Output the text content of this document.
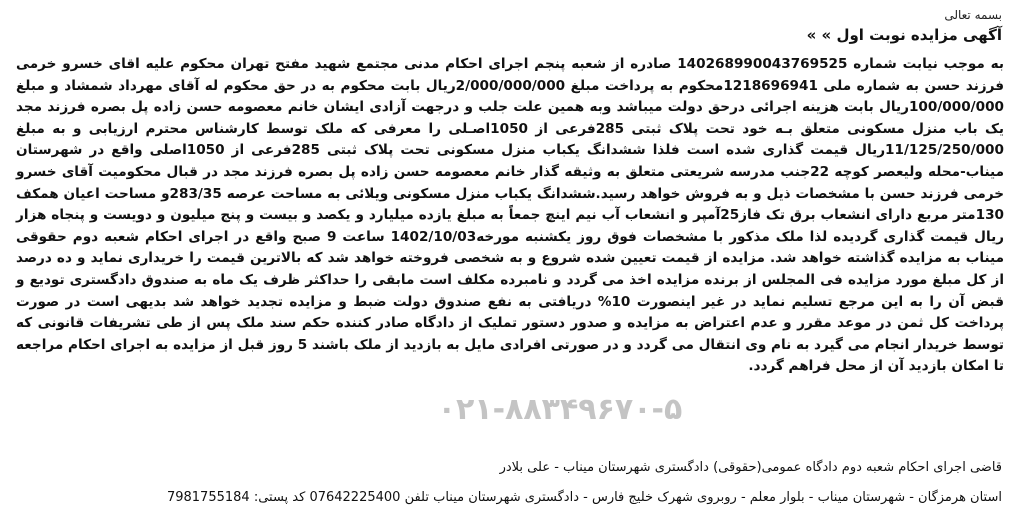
بسمه تعالی
آگهی مزایده نوبت اول » »
به موجب نیابت شماره 140268990043769525 صادره از شعبه پنجم اجرای احکام مدنی مجتمع شهید مفتح تهران محکوم علیه اقای خسرو خرمی فرزند حسن به شماره ملی 1218696941محکوم به پرداخت مبلغ 2/000/000/000ریال بابت محکوم به در حق محکوم له آقای مهرداد شمشاد و مبلغ 100/000/000ریال بابت هزینه اجرائی درحق دولت میباشد وبه همین علت جلب و درجهت آزادی ایشان خانم معصومه حسن زاده پل بصره فرزند مجد یک باب منزل مسکونی متعلق بـه خود تحت پلاک ثبتی 285فرعی از 1050اصـلی را معرفی که ملک توسط کارشناس محترم ارزیابی و به مبلغ 11/125/250/000ریال قیمت گذاری شده است فلذا ششدانگ یکباب منزل مسکونی تحت پلاک ثبتی 285فرعی از 1050اصلی واقع در شهرستان میناب-محله ولیعصر کوچه 22جنب مدرسه شریعتی متعلق به وثیقه گذار خانم معصومه حسن زاده پل بصره فرزند مجد در قبال محکومیت آقای خسرو خرمی فرزند حسن با مشخصات ذیل و به فروش خواهد رسید.ششدانگ یکباب منزل مسکونی ویلائی به مساحت عرصه 283/35و مساحت اعیان همکف 130متر مربع دارای انشعاب برق تک فاز25آمپر و انشعاب آب نیم اینچ جمعاً به مبلغ یازده میلیارد و یکصد و بیست و پنج میلیون و دویست و پنجاه هزار ریال قیمت گذاری گردیده لذا ملک مذکور با مشخصات فوق روز یکشنبه مورخه1402/10/03 ساعت 9 صبح واقع در اجرای احکام شعبه دوم حقوقی میناب به مزایده گذاشته خواهد شد. مزایده از قیمت تعیین شده شروع و به شخصی فروخته خواهد شد که بالاترین قیمت را خریداری نماید و ده درصد از کل مبلغ مورد مزایده فی المجلس از برنده مزایده اخذ می گردد و نامبرده مکلف است مابقی را حداکثر ظرف یک ماه به صندوق دادگستری تودیع و قبض آن را به این مرجع تسلیم نماید در غیر اینصورت 10% دریافتی به نفع صندوق دولت ضبط و مزایده تجدید خواهد شد بدیهی است در صورت پرداخت کل ثمن در موعد مقرر و عدم اعتراض به مزایده و صدور دستور تملیک از دادگاه صادر کننده حکم سند ملک پس از طی تشریفات قانونی که توسط خریدار انجام می گیرد به نام وی انتقال می گردد و در صورتی افرادی مایل به بازدید از ملک باشند 5 روز قبل از مزایده به اجرای احکام مراجعه تا امکان بازدید آن از محل فراهم گردد.
۰۲۱-۸۸۳۴۹۶۷۰-۵
قاضی اجرای احکام شعبه دوم دادگاه عمومی(حقوقی) دادگستری شهرستان میناب - علی بلادر
استان هرمزگان - شهرستان میناب - بلوار معلم - روبروی شهرک خلیج فارس - دادگستری شهرستان میناب تلفن 07642225400 کد پستی: 7981755184
